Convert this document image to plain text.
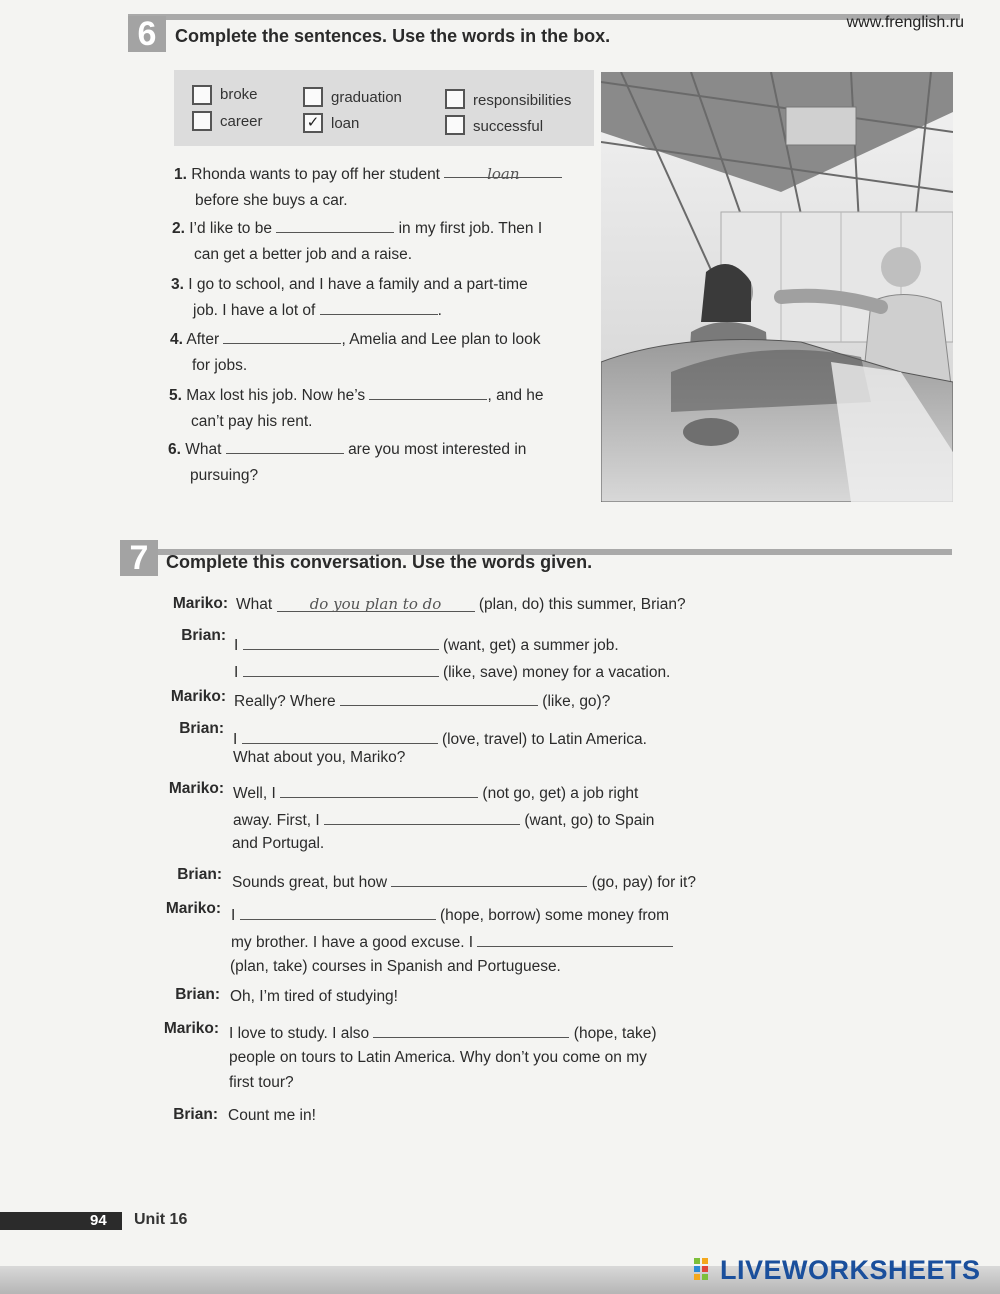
www.frenglish.ru
6	Complete the sentences. Use the words in the box.
broke
career
graduation
✓ loan
responsibilities
successful
1. Rhonda wants to pay off her student	loan
before she buys a car.
2. I’d like to be	in my first job. Then I
can get a better job and a raise.
3. I go to school, and I have a family and a part-time
job. I have a lot of	.
4. After	, Amelia and Lee plan to look
for jobs.
5. Max lost his job. Now he’s	, and he
can’t pay his rent.
6. What	are you most interested in
pursuing?
7 Complete this conversation. Use the words given.
Mariko: What	do you plan to do (plan, do) this summer, Brian?
Brian:
I	(want, get) a summer job.
I	(like, save) money for a vacation.
Mariko: Really? Where	(like, go)?
Brian:
I	(love, travel) to Latin America.
What about you, Mariko?
Mariko: Well, I	(not go, get) a job right
away. First, I	(want, go) to Spain
and Portugal.
Brian: Sounds great, but how	(go, pay) for it?
Mariko: I	(hope, borrow) some money from
my brother. I have a good excuse. I
(plan, take) courses in Spanish and Portuguese.
Brian: Oh, I’m tired of studying!
Mariko: I love to study. I also	(hope, take)
people on tours to Latin America. Why don’t you come on my
first tour?
Brian: Count me in!
94 Unit 16
LIVEWORKSHEETS
